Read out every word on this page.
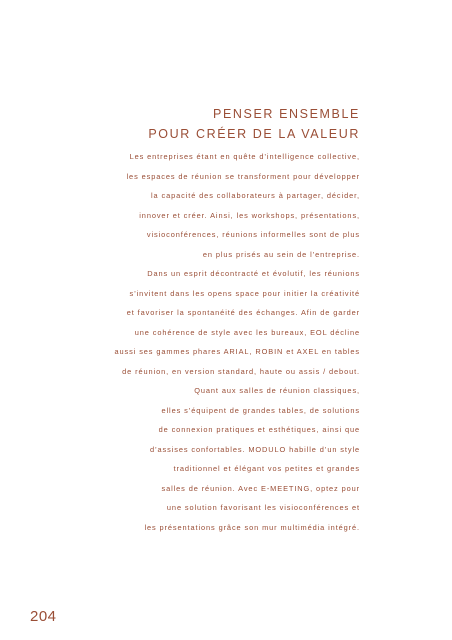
PENSER ENSEMBLE
POUR CRÉER DE LA VALEUR
Les entreprises étant en quête d’intelligence collective,
les espaces de réunion se transforment pour développer
la capacité des collaborateurs à partager, décider,
innover et créer. Ainsi, les workshops, présentations,
visioconférences, réunions informelles sont de plus
en plus prisés au sein de l’entreprise.
Dans un esprit décontracté et évolutif, les réunions
s’invitent dans les opens space pour initier la créativité
et favoriser la spontanéité des échanges. Afin de garder
une cohérence de style avec les bureaux, EOL décline
aussi ses gammes phares ARIAL, ROBIN et AXEL en tables
de réunion, en version standard, haute ou assis / debout.
Quant aux salles de réunion classiques,
elles s’équipent de grandes tables, de solutions
de connexion pratiques et esthétiques, ainsi que
d’assises confortables. MODULO habille d’un style
traditionnel et élégant vos petites et grandes
salles de réunion. Avec E-MEETING, optez pour
une solution favorisant les visioconférences et
les présentations grâce son mur multimédia intégré.
204
